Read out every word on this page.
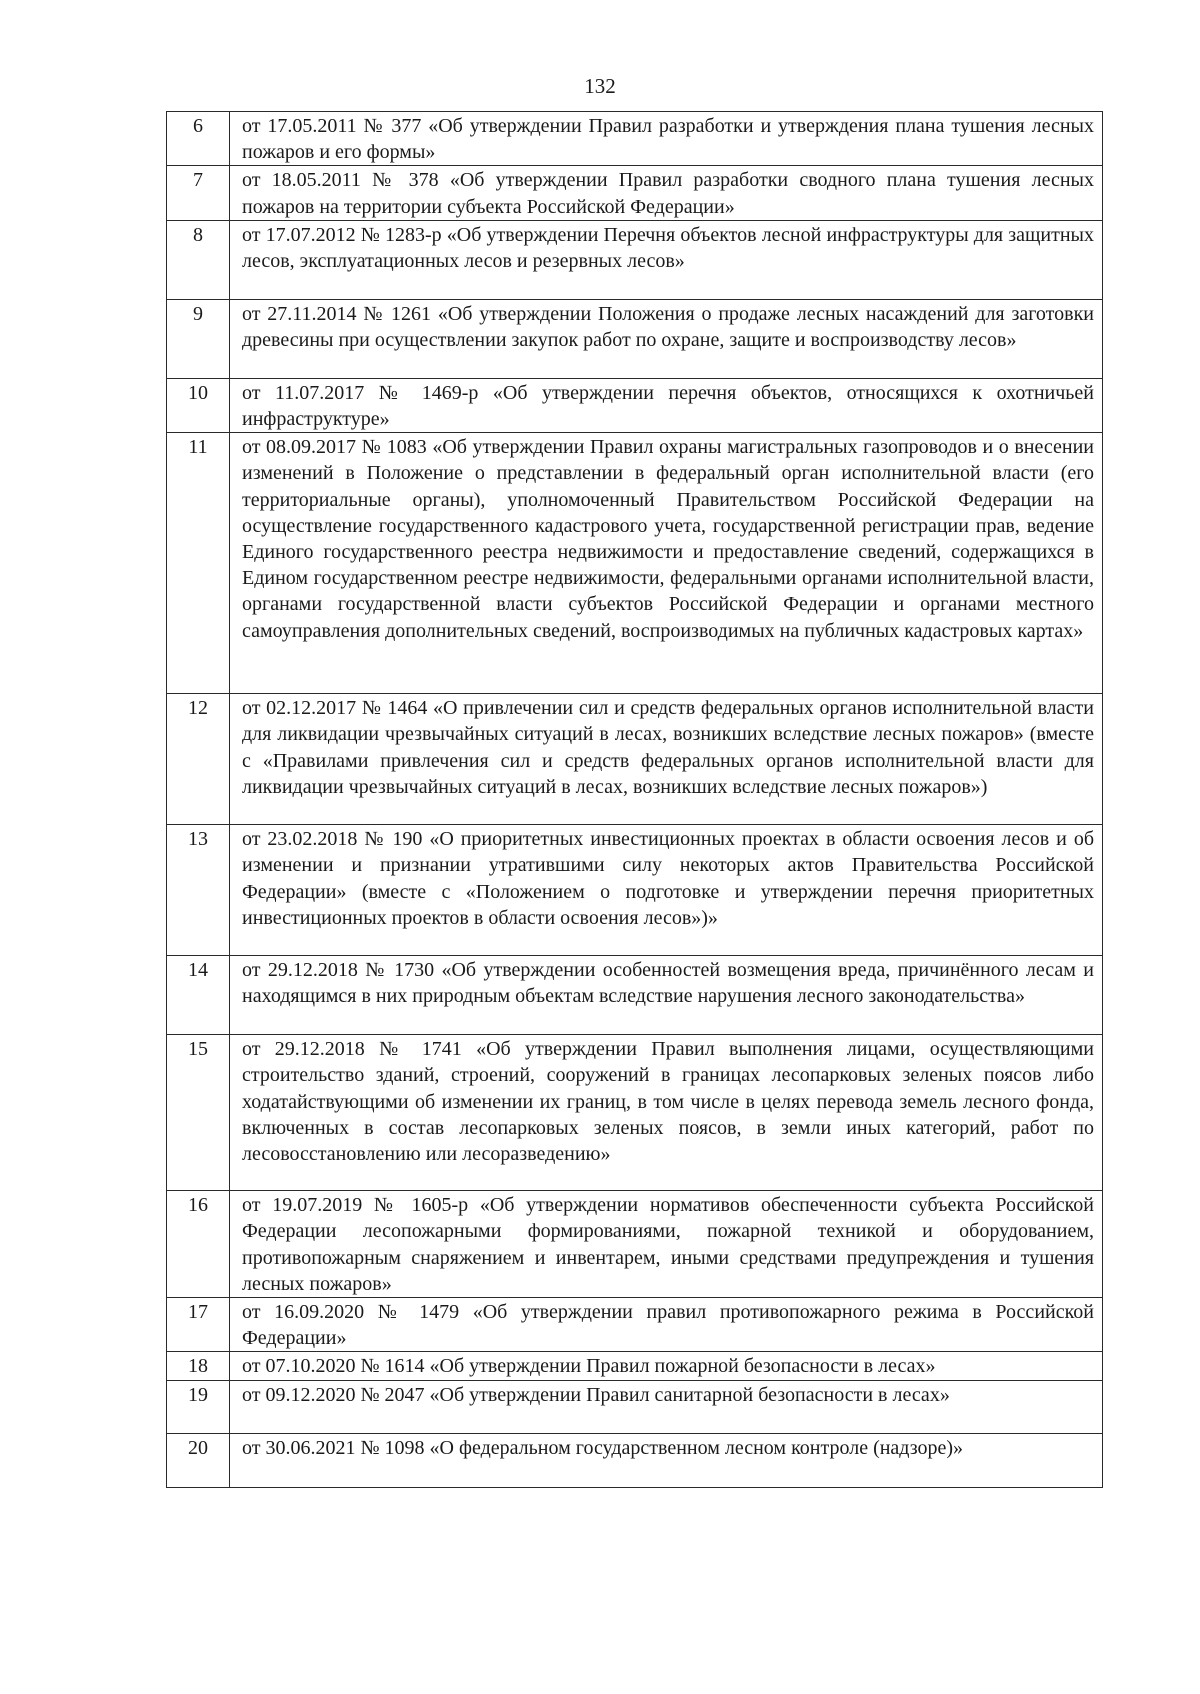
132
6	от 17.05.2011 № 377 «Об утверждении Правил разработки и утверждения плана тушения лесных пожаров и его формы»
7	от 18.05.2011 № 378 «Об утверждении Правил разработки сводного плана тушения лесных пожаров на территории субъекта Российской Федерации»
8	от 17.07.2012 № 1283-р «Об утверждении Перечня объектов лесной инфраструктуры для защитных лесов, эксплуатационных лесов и резервных лесов»
9	от 27.11.2014 № 1261 «Об утверждении Положения о продаже лесных насаждений для заготовки древесины при осуществлении закупок работ по охране, защите и воспроизводству лесов»
10	от 11.07.2017 № 1469-р «Об утверждении перечня объектов, относящихся к охотничьей инфраструктуре»
11	от 08.09.2017 № 1083 «Об утверждении Правил охраны магистральных газопроводов и о внесении изменений в Положение о представлении в федеральный орган исполнительной власти (его территориальные органы), уполномоченный Правительством Российской Федерации на осуществление государственного кадастрового учета, государственной регистрации прав, ведение Единого государственного реестра недвижимости и предоставление сведений, содержащихся в Едином государственном реестре недвижимости, федеральными органами исполнительной власти, органами государственной власти субъектов Российской Федерации и органами местного самоуправления дополнительных сведений, воспроизводимых на публичных кадастровых картах»
12	от 02.12.2017 № 1464 «О привлечении сил и средств федеральных органов исполнительной власти для ликвидации чрезвычайных ситуаций в лесах, возникших вследствие лесных пожаров» (вместе с «Правилами привлечения сил и средств федеральных органов исполнительной власти для ликвидации чрезвычайных ситуаций в лесах, возникших вследствие лесных пожаров»)
13	от 23.02.2018 № 190 «О приоритетных инвестиционных проектах в области освоения лесов и об изменении и признании утратившими силу некоторых актов Правительства Российской Федерации» (вместе с «Положением о подготовке и утверждении перечня приоритетных инвестиционных проектов в области освоения лесов»)»
14	от 29.12.2018 № 1730 «Об утверждении особенностей возмещения вреда, причинённого лесам и находящимся в них природным объектам вследствие нарушения лесного законодательства»
15	от 29.12.2018 № 1741 «Об утверждении Правил выполнения лицами, осуществляющими строительство зданий, строений, сооружений в границах лесопарковых зеленых поясов либо ходатайствующими об изменении их границ, в том числе в целях перевода земель лесного фонда, включенных в состав лесопарковых зеленых поясов, в земли иных категорий, работ по лесовосстановлению или лесоразведению»
16	от 19.07.2019 № 1605-р «Об утверждении нормативов обеспеченности субъекта Российской Федерации лесопожарными формированиями, пожарной техникой и оборудованием, противопожарным снаряжением и инвентарем, иными средствами предупреждения и тушения лесных пожаров»
17	от 16.09.2020 № 1479 «Об утверждении правил противопожарного режима в Российской Федерации»
18	от 07.10.2020 № 1614 «Об утверждении Правил пожарной безопасности в лесах»
19	от 09.12.2020 № 2047 «Об утверждении Правил санитарной безопасности в лесах»
20	от 30.06.2021 № 1098 «О федеральном государственном лесном контроле (надзоре)»
